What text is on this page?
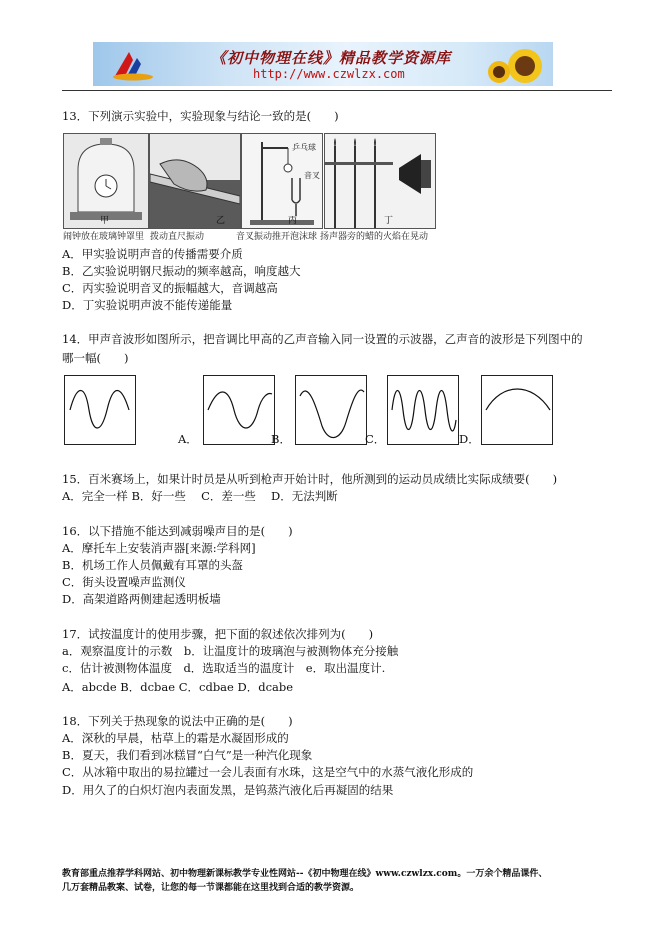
《初中物理在线》精品教学资源库
http://www.czwlzx.com
13．下列演示实验中，实验现象与结论一致的是(　　)
乒乓球
音叉
闹钟放在玻璃钟罩里 拨动直尺振动	音叉振动推开泡沫球 扬声器旁的蜡的火焰在晃动
甲	乙	丙	丁
A．甲实验说明声音的传播需要介质
B．乙实验说明钢尺振动的频率越高，响度越大
C．丙实验说明音叉的振幅越大，音调越高
D．丁实验说明声波不能传递能量
14．甲声音波形如图所示，把音调比甲高的乙声音输入同一设置的示波器，乙声音的波形是下列图中的
哪一幅(　　)
A．	B．	C．	D．
15．百米赛场上，如果计时员是从听到枪声开始计时，他所测到的运动员成绩比实际成绩要(　　)
A．完全一样 B．好一些　 C．差一些　 D．无法判断
16．以下措施不能达到减弱噪声目的是(　　)
A．摩托车上安装消声器[来源:学科网]
B．机场工作人员佩戴有耳罩的头盔
C．街头设置噪声监测仪
D．高架道路两侧建起透明板墙
17．试按温度计的使用步骤，把下面的叙述依次排列为(　　)
a．观察温度计的示数　b．让温度计的玻璃泡与被测物体充分接触
c．估计被测物体温度　d．选取适当的温度计　e．取出温度计.
A．abcde B．dcbae C．cdbae D．dcabe
18．下列关于热现象的说法中正确的是(　　)
A．深秋的早晨，枯草上的霜是水凝固形成的
B．夏天，我们看到冰糕冒“白气”是一种汽化现象
C．从冰箱中取出的易拉罐过一会儿表面有水珠，这是空气中的水蒸气液化形成的
D．用久了的白炽灯泡内表面发黑，是钨蒸汽液化后再凝固的结果
教育部重点推荐学科网站、初中物理新课标教学专业性网站--《初中物理在线》www.czwlzx.com。一万余个精品课件、
几万套精品教案、试卷，让您的每一节课都能在这里找到合适的教学资源。
